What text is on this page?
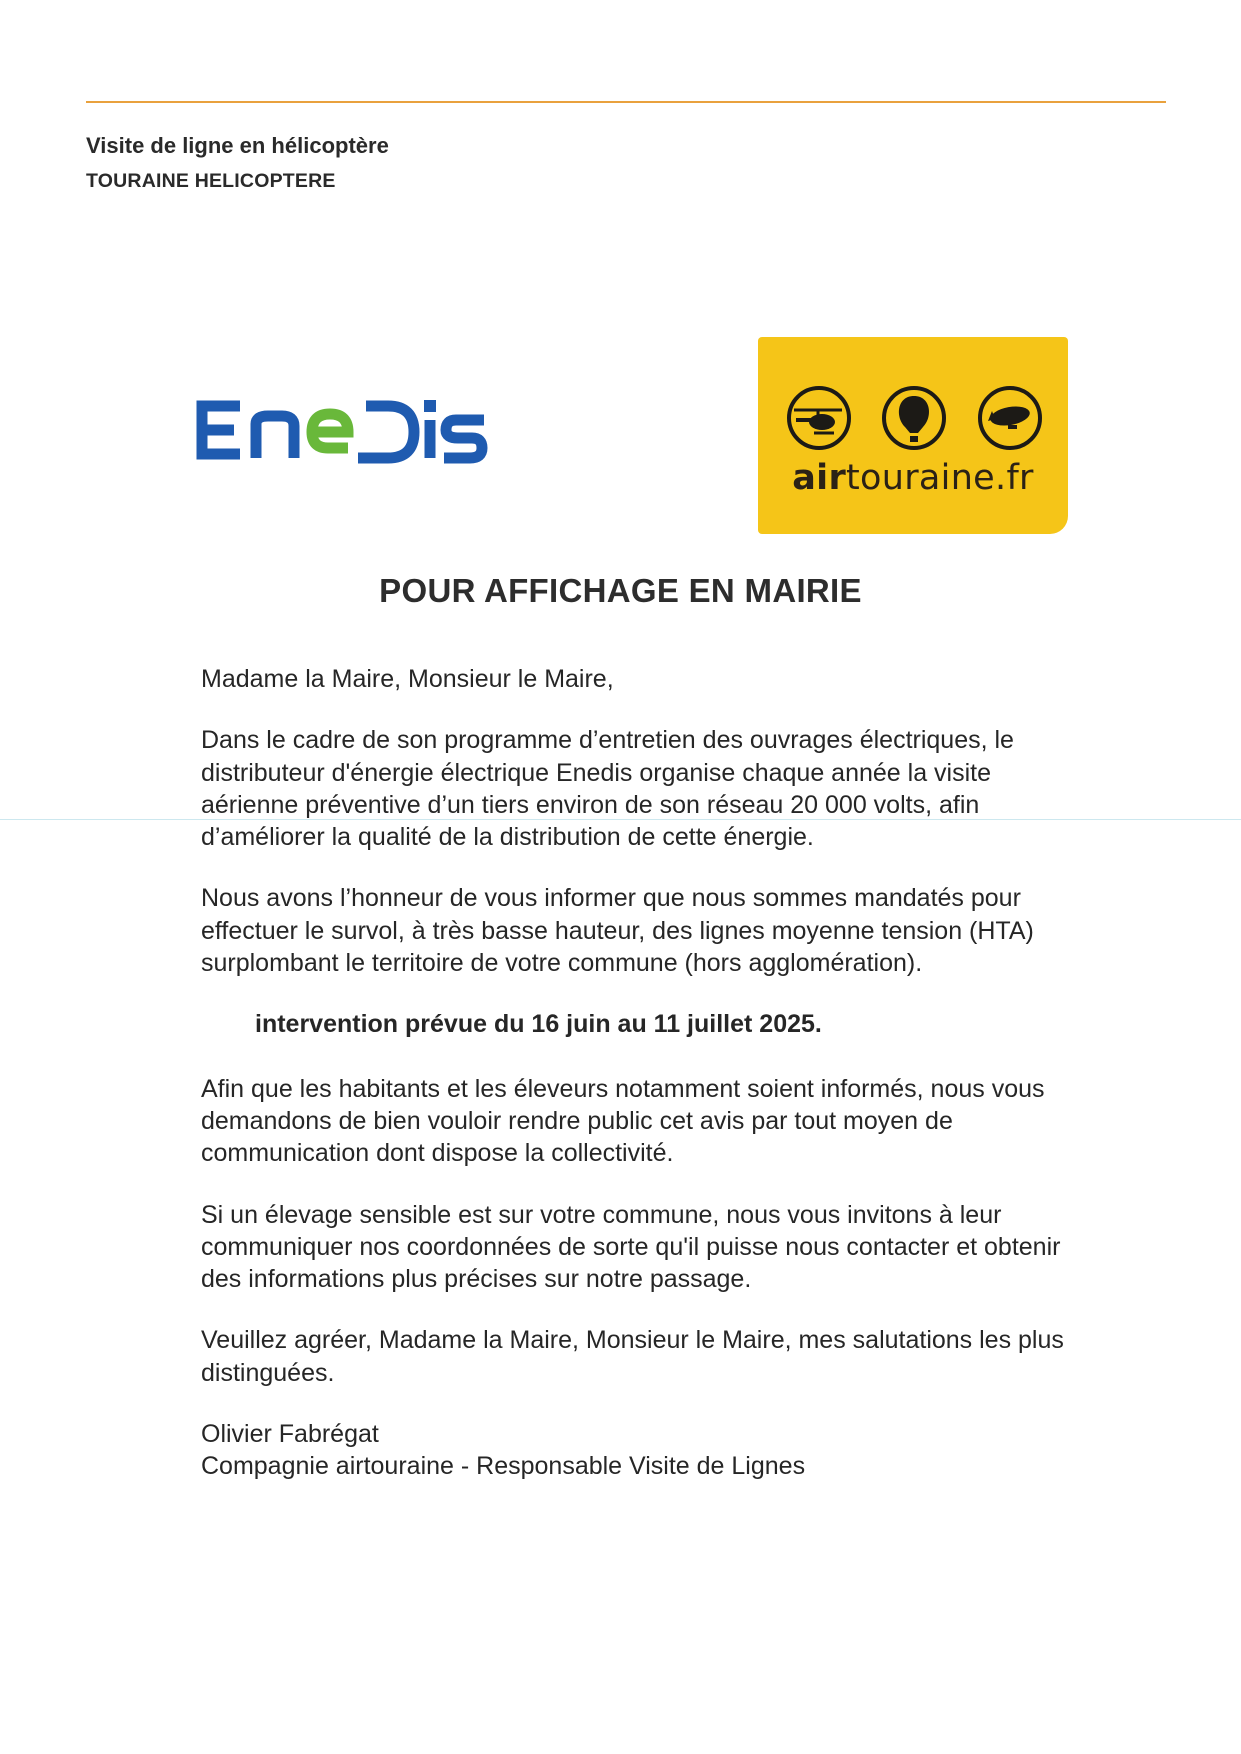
Visite de ligne en hélicoptère
TOURAINE HELICOPTERE
airtouraine.fr
POUR AFFICHAGE EN MAIRIE

Madame la Maire, Monsieur le Maire,

Dans le cadre de son programme d’entretien des ouvrages électriques, le distributeur d'énergie électrique Enedis organise chaque année la visite aérienne préventive d’un tiers environ de son réseau 20 000 volts, afin d’améliorer la qualité de la distribution de cette énergie.

Nous avons l’honneur de vous informer que nous sommes mandatés pour effectuer le survol, à très basse hauteur, des lignes moyenne tension (HTA) surplombant le territoire de votre commune (hors agglomération).

intervention prévue du 16 juin au 11 juillet 2025.

Afin que les habitants et les éleveurs notamment soient informés, nous vous demandons de bien vouloir rendre public cet avis par tout moyen de communication dont dispose la collectivité.

Si un élevage sensible est sur votre commune, nous vous invitons à leur communiquer nos coordonnées de sorte qu'il puisse nous contacter et obtenir des informations plus précises sur notre passage.

Veuillez agréer, Madame la Maire, Monsieur le Maire, mes salutations les plus distinguées.

Olivier Fabrégat

Compagnie airtouraine - Responsable Visite de Lignes
